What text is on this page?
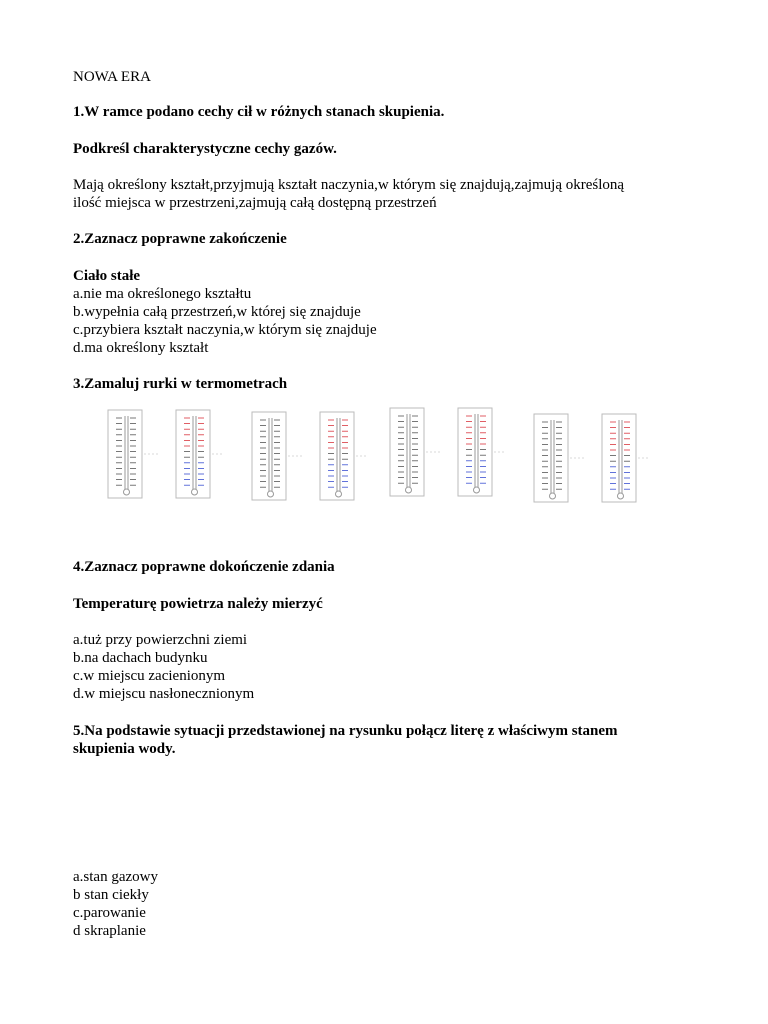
NOWA ERA
1.W ramce podano cechy cił w różnych stanach skupienia.
Podkreśl charakterystyczne cechy gazów.
Mają określony kształt,przyjmują kształt naczynia,w którym się znajdują,zajmują określoną
ilość miejsca w przestrzeni,zajmują całą dostępną przestrzeń
2.Zaznacz poprawne zakończenie
Ciało stałe
a.nie ma określonego kształtu
b.wypełnia całą przestrzeń,w której się znajduje
c.przybiera kształt naczynia,w którym się znajduje
d.ma określony kształt
3.Zamaluj rurki w termometrach
4.Zaznacz poprawne dokończenie zdania
Temperaturę powietrza należy mierzyć
a.tuż przy powierzchni ziemi
b.na dachach budynku
c.w miejscu zacienionym
d.w miejscu nasłonecznionym
5.Na podstawie sytuacji przedstawionej na rysunku połącz literę z właściwym stanem
skupienia wody.
a.stan gazowy
b stan ciekły
c.parowanie
d skraplanie
